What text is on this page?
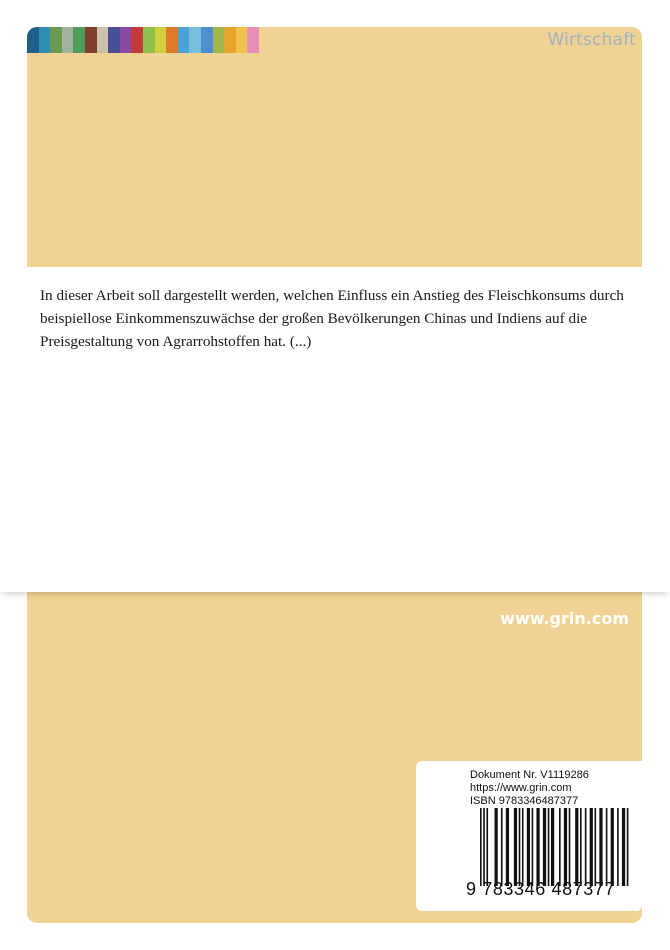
Wirtschaft

In dieser Arbeit soll dargestellt werden, welchen Einfluss ein Anstieg des Fleischkonsums durch beispiellose Einkommenszuwächse der großen Bevölkerungen Chinas und Indiens auf die Preisgestaltung von Agrarrohstoffen hat. (...)

www.grin.com
Dokument Nr. V1119286
https://www.grin.com
ISBN 9783346487377
9 783346 487377
